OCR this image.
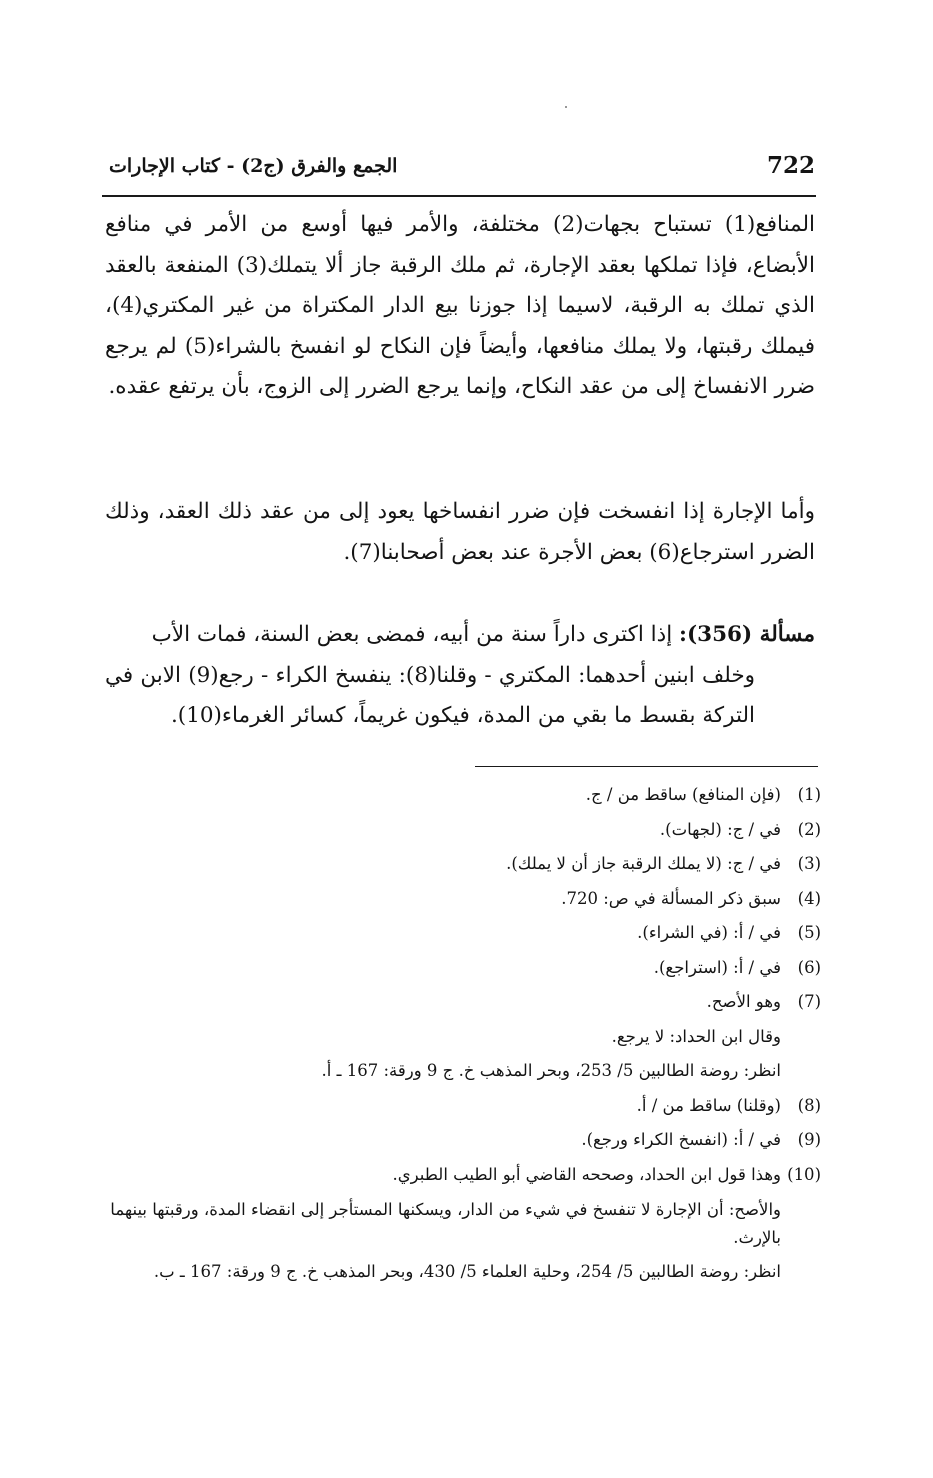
722
الجمع والفرق (ج2) - كتاب الإجارات

المنافع(1) تستباح بجهات(2) مختلفة، والأمر فيها أوسع من الأمر في منافع الأبضاع، فإذا تملكها بعقد الإجارة، ثم ملك الرقبة جاز ألا يتملك(3) المنفعة بالعقد الذي تملك به الرقبة، لاسيما إذا جوزنا بيع الدار المكتراة من غير المكتري(4)، فيملك رقبتها، ولا يملك منافعها، وأيضاً فإن النكاح لو انفسخ بالشراء(5) لم يرجع ضرر الانفساخ إلى من عقد النكاح، وإنما يرجع الضرر إلى الزوج، بأن يرتفع عقده.

وأما الإجارة إذا انفسخت فإن ضرر انفساخها يعود إلى من عقد ذلك العقد، وذلك الضرر استرجاع(6) بعض الأجرة عند بعض أصحابنا(7).

مسألة (356): إذا اكترى داراً سنة من أبيه، فمضى بعض السنة، فمات الأب
وخلف ابنين أحدهما: المكتري - وقلنا(8): ينفسخ الكراء - رجع(9) الابن في التركة بقسط ما بقي من المدة، فيكون غريماً، كسائر الغرماء(10).

(1)
(فإن المنافع) ساقط من / ج.
(2)
في / ج: (لجهات).
(3)
في / ج: (لا يملك الرقبة جاز أن لا يملك).
(4)
سبق ذكر المسألة في ص: 720.
(5)
في / أ: (في الشراء).
(6)
في / أ: (استراجع).
(7)
وهو الأصح.
وقال ابن الحداد: لا يرجع.
انظر: روضة الطالبين 5/ 253، وبحر المذهب خ. ج 9 ورقة: 167 ـ أ.
(8)
(وقلنا) ساقط من / أ.
(9)
في / أ: (انفسخ الكراء ورجع).
(10)
وهذا قول ابن الحداد، وصححه القاضي أبو الطيب الطبري.
والأصح: أن الإجارة لا تنفسخ في شيء من الدار، ويسكنها المستأجر إلى انقضاء المدة، ورقبتها بينهما بالإرث.
انظر: روضة الطالبين 5/ 254، وحلية العلماء 5/ 430، وبحر المذهب خ. ج 9 ورقة: 167 ـ ب.
